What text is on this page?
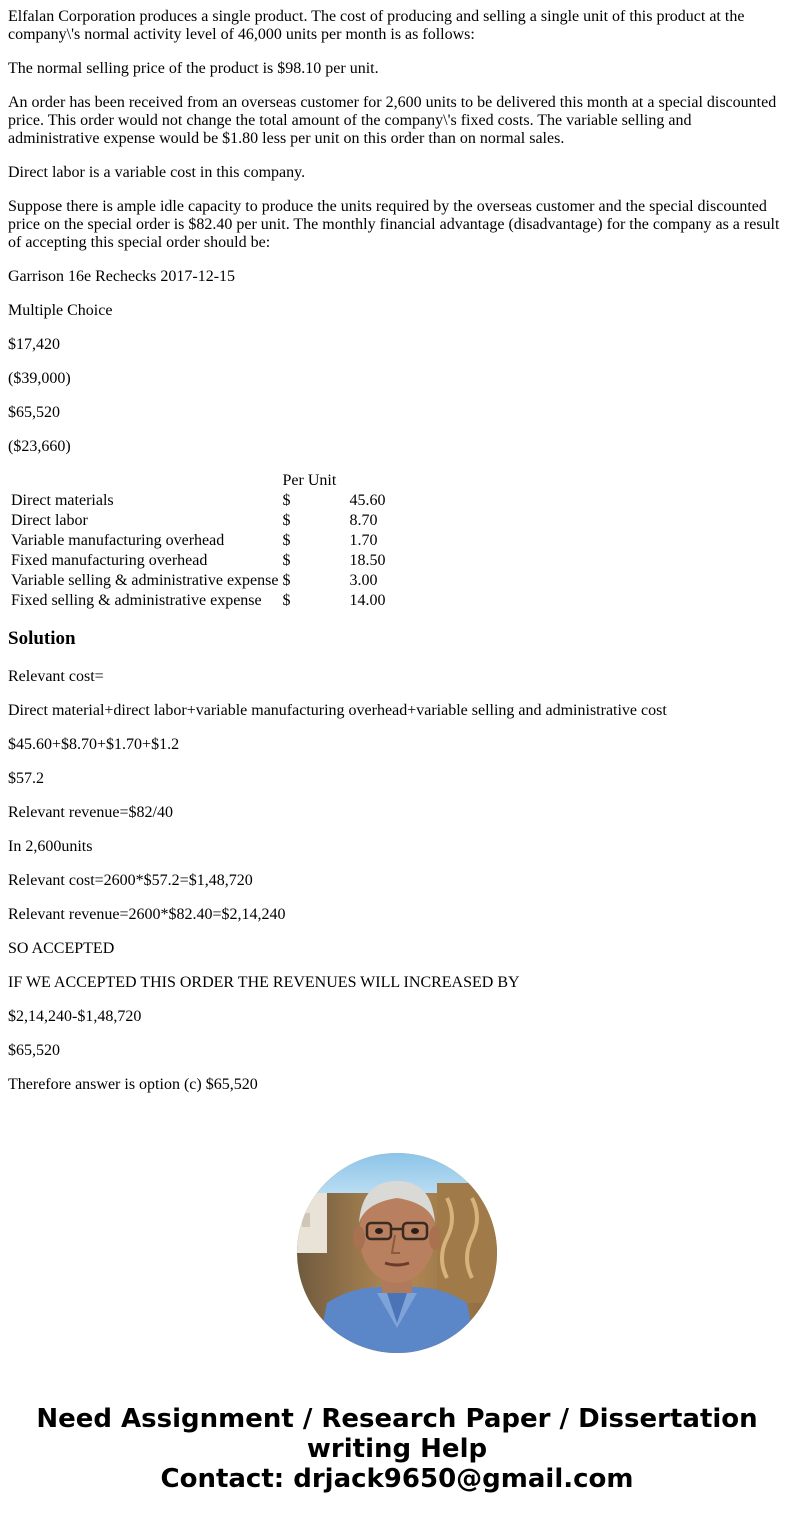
Elfalan Corporation produces a single product. The cost of producing and selling a single unit of this product at the company\'s normal activity level of 46,000 units per month is as follows:

The normal selling price of the product is $98.10 per unit.

An order has been received from an overseas customer for 2,600 units to be delivered this month at a special discounted price. This order would not change the total amount of the company\'s fixed costs. The variable selling and administrative expense would be $1.80 less per unit on this order than on normal sales.

Direct labor is a variable cost in this company.

Suppose there is ample idle capacity to produce the units required by the overseas customer and the special discounted price on the special order is $82.40 per unit. The monthly financial advantage (disadvantage) for the company as a result of accepting this special order should be:

Garrison 16e Rechecks 2017-12-15

Multiple Choice

$17,420

($39,000)

$65,520

($23,660)

	Per Unit	
Direct materials	$	45.60
Direct labor	$	8.70
Variable manufacturing overhead	$	1.70
Fixed manufacturing overhead	$	18.50
Variable selling & administrative expense	$	3.00
Fixed selling & administrative expense	$	14.00
Solution

Relevant cost=

Direct material+direct labor+variable manufacturing overhead+variable selling and administrative cost

$45.60+$8.70+$1.70+$1.2

$57.2

Relevant revenue=$82/40

In 2,600units

Relevant cost=2600*$57.2=$1,48,720

Relevant revenue=2600*$82.40=$2,14,240

SO ACCEPTED

IF WE ACCEPTED THIS ORDER THE REVENUES WILL INCREASED BY

$2,14,240-$1,48,720

$65,520

Therefore answer is option (c) $65,520

Need Assignment / Research Paper / Dissertation
writing Help
Contact: drjack9650@gmail.com
